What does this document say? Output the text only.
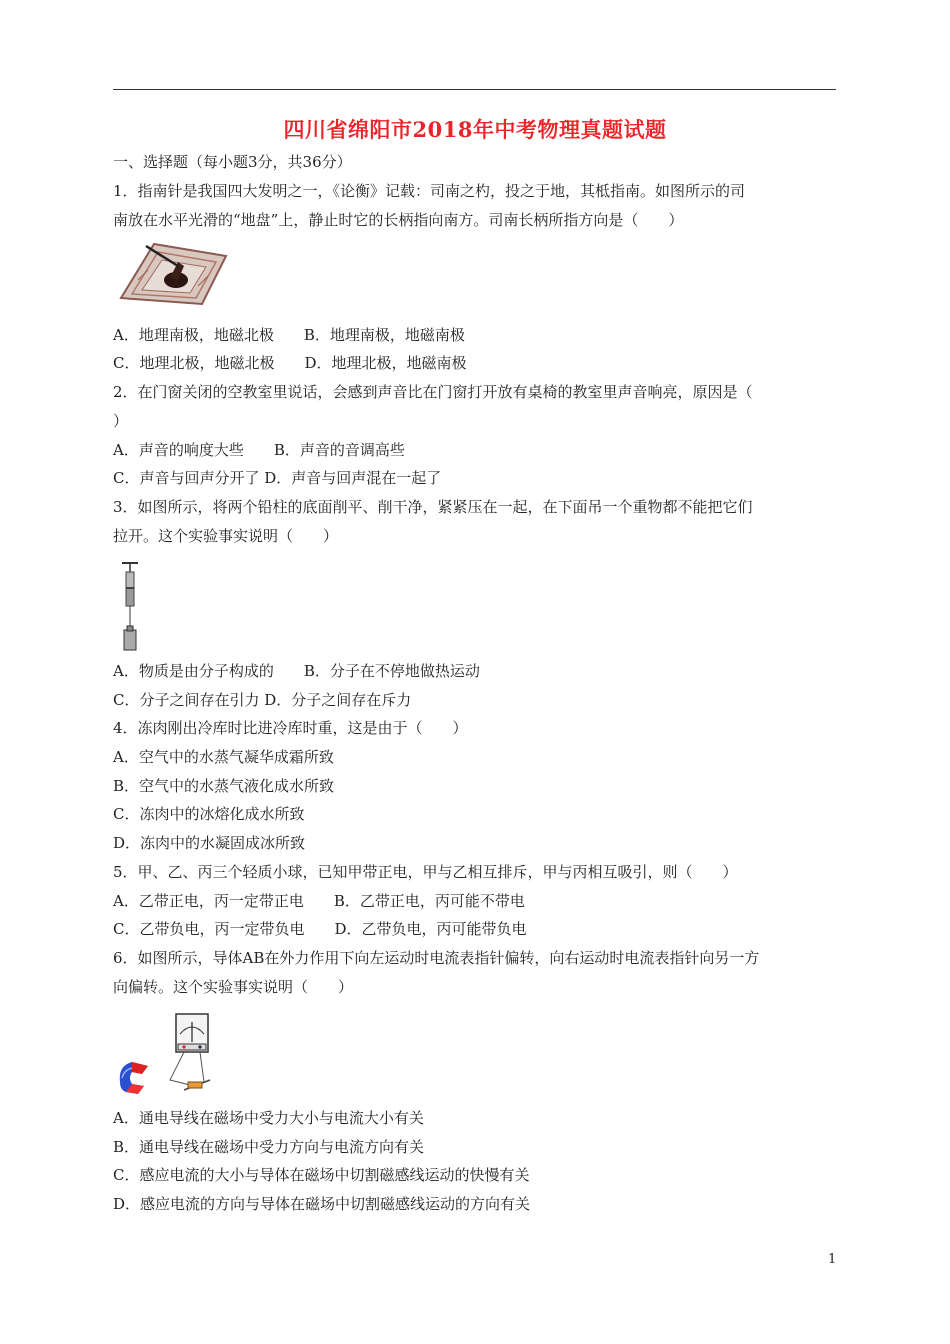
四川省绵阳市2018年中考物理真题试题
一、选择题（每小题3分，共36分）
1．指南针是我国四大发明之一，《论衡》记载：司南之杓，投之于地，其柢指南。如图所示的司
南放在水平光滑的“地盘”上，静止时它的长柄指向南方。司南长柄所指方向是（　　）
A．地理南极，地磁北极　　B．地理南极，地磁南极
C．地理北极，地磁北极　　D．地理北极，地磁南极
2．在门窗关闭的空教室里说话，会感到声音比在门窗打开放有桌椅的教室里声音响亮，原因是（
）
A．声音的响度大些　　B．声音的音调高些
C．声音与回声分开了 D．声音与回声混在一起了
3．如图所示，将两个铅柱的底面削平、削干净，紧紧压在一起，在下面吊一个重物都不能把它们
拉开。这个实验事实说明（　　）
A．物质是由分子构成的　　B．分子在不停地做热运动
C．分子之间存在引力 D．分子之间存在斥力
4．冻肉刚出冷库时比进冷库时重，这是由于（　　）
A．空气中的水蒸气凝华成霜所致
B．空气中的水蒸气液化成水所致
C．冻肉中的冰熔化成水所致
D．冻肉中的水凝固成冰所致
5．甲、乙、丙三个轻质小球，已知甲带正电，甲与乙相互排斥，甲与丙相互吸引，则（　　）
A．乙带正电，丙一定带正电　　B．乙带正电，丙可能不带电
C．乙带负电，丙一定带负电　　D．乙带负电，丙可能带负电
6．如图所示，导体AB在外力作用下向左运动时电流表指针偏转，向右运动时电流表指针向另一方
向偏转。这个实验事实说明（　　）
A．通电导线在磁场中受力大小与电流大小有关
B．通电导线在磁场中受力方向与电流方向有关
C．感应电流的大小与导体在磁场中切割磁感线运动的快慢有关
D．感应电流的方向与导体在磁场中切割磁感线运动的方向有关
1
